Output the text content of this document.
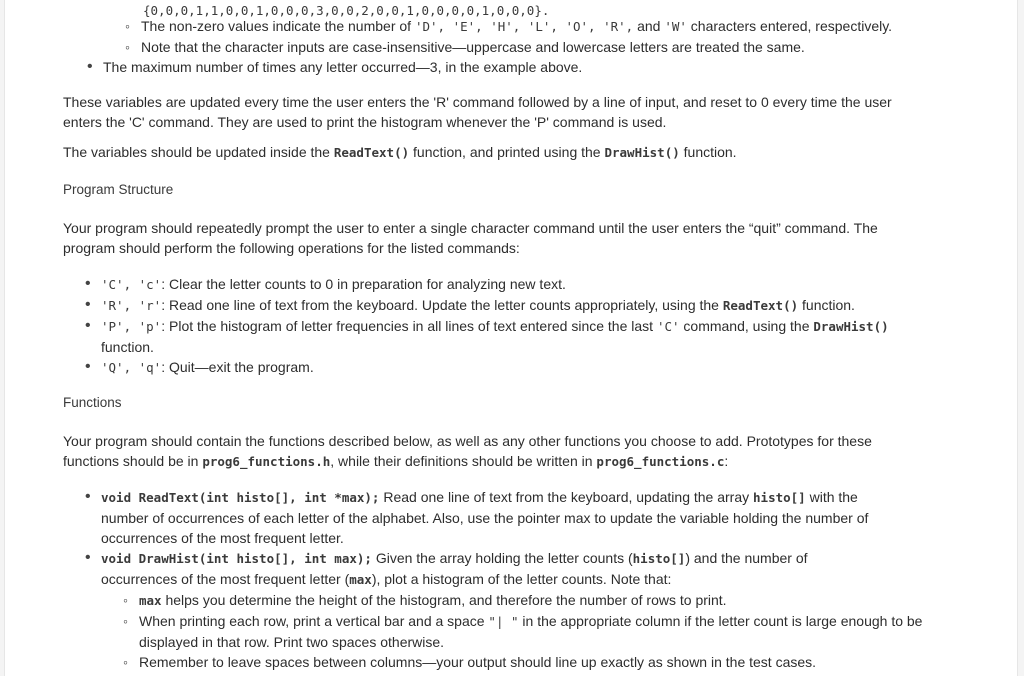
{0,0,0,1,1,0,0,1,0,0,0,3,0,0,2,0,0,1,0,0,0,0,1,0,0,0}.
◦ The non-zero values indicate the number of 'D', 'E', 'H', 'L', 'O', 'R', and 'W' characters entered, respectively.
◦ Note that the character inputs are case-insensitive—uppercase and lowercase letters are treated the same.
• The maximum number of times any letter occurred—3, in the example above.
These variables are updated every time the user enters the 'R' command followed by a line of input, and reset to 0 every time the user
enters the 'C' command. They are used to print the histogram whenever the 'P' command is used.
The variables should be updated inside the ReadText() function, and printed using the DrawHist() function.
Program Structure
Your program should repeatedly prompt the user to enter a single character command until the user enters the “quit” command. The
program should perform the following operations for the listed commands:
• 'C', 'c': Clear the letter counts to 0 in preparation for analyzing new text.
• 'R', 'r': Read one line of text from the keyboard. Update the letter counts appropriately, using the ReadText() function.
• 'P', 'p': Plot the histogram of letter frequencies in all lines of text entered since the last 'C' command, using the DrawHist()
function.
• 'Q', 'q': Quit—exit the program.
Functions
Your program should contain the functions described below, as well as any other functions you choose to add. Prototypes for these
functions should be in prog6_functions.h, while their definitions should be written in prog6_functions.c:
• void ReadText(int histo[], int *max); Read one line of text from the keyboard, updating the array histo[] with the
number of occurrences of each letter of the alphabet. Also, use the pointer max to update the variable holding the number of
occurrences of the most frequent letter.
• void DrawHist(int histo[], int max); Given the array holding the letter counts (histo[]) and the number of
occurrences of the most frequent letter (max), plot a histogram of the letter counts. Note that:
◦ max helps you determine the height of the histogram, and therefore the number of rows to print.
◦ When printing each row, print a vertical bar and a space "| " in the appropriate column if the letter count is large enough to be
displayed in that row. Print two spaces otherwise.
◦ Remember to leave spaces between columns—your output should line up exactly as shown in the test cases.
